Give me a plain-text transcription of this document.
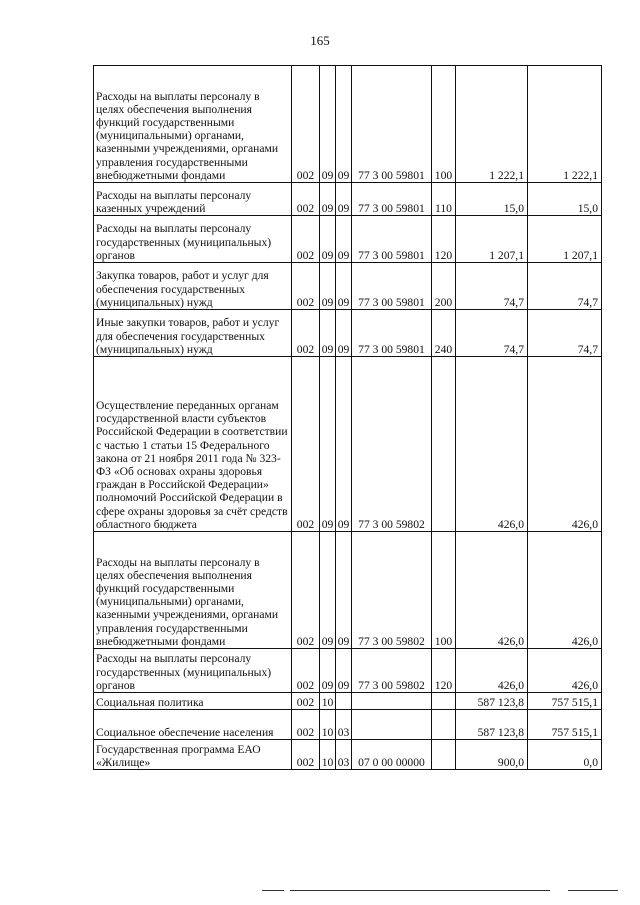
165
Расходы на выплаты персоналу в целях обеспечения выполнения функций государственными (муниципальными) органами, казенными учреждениями, органами управления государственными внебюджетными фондами	002	09	09	77 3 00 59801	100	1 222,1	1 222,1
Расходы на выплаты персоналу казенных учреждений	002	09	09	77 3 00 59801	110	15,0	15,0
Расходы на выплаты персоналу государственных (муниципальных) органов	002	09	09	77 3 00 59801	120	1 207,1	1 207,1
Закупка товаров, работ и услуг для обеспечения государственных (муниципальных) нужд	002	09	09	77 3 00 59801	200	74,7	74,7
Иные закупки товаров, работ и услуг для обеспечения государственных (муниципальных) нужд	002	09	09	77 3 00 59801	240	74,7	74,7
Осуществление переданных органам государственной власти субъектов Российской Федерации в соответствии с частью 1 статьи 15 Федерального закона от 21 ноября 2011 года № 323-ФЗ «Об основах охраны здоровья граждан в Российской Федерации» полномочий Российской Федерации в сфере охраны здоровья за счёт средств областного бюджета	002	09	09	77 3 00 59802		426,0	426,0
Расходы на выплаты персоналу в целях обеспечения выполнения функций государственными (муниципальными) органами, казенными учреждениями, органами управления государственными внебюджетными фондами	002	09	09	77 3 00 59802	100	426,0	426,0
Расходы на выплаты персоналу государственных (муниципальных) органов	002	09	09	77 3 00 59802	120	426,0	426,0
Социальная политика	002	10				587 123,8	757 515,1
Социальное обеспечение населения	002	10	03			587 123,8	757 515,1
Государственная программа ЕАО «Жилище»	002	10	03	07 0 00 00000		900,0	0,0
